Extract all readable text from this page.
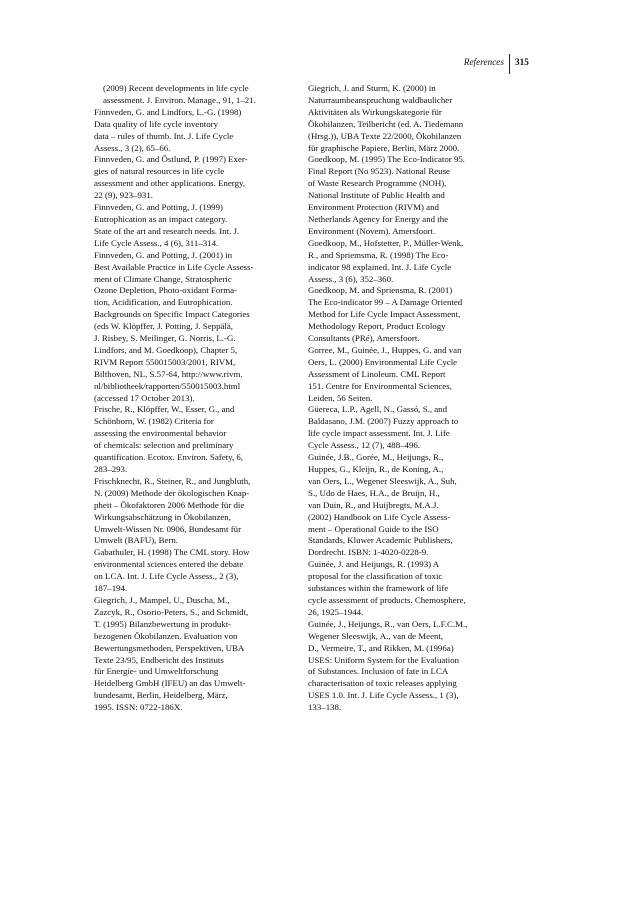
References 315

(2009) Recent developments in life cycle
assessment. J. Environ. Manage., 91, 1–21.

Finnveden, G. and Lindfors, L.-G. (1998)
Data quality of life cycle inventory
data – rules of thumb. Int. J. Life Cycle
Assess., 3 (2), 65–66.

Finnveden, G. and Östlund, P. (1997) Exer-
gies of natural resources in life cycle
assessment and other applications. Energy,
22 (9), 923–931.

Finnveden, G. and Potting, J. (1999)
Eutrophication as an impact category.
State of the art and research needs. Int. J.
Life Cycle Assess., 4 (6), 311–314.

Finnveden, G. and Potting, J. (2001) in
Best Available Practice in Life Cycle Assess-
ment of Climate Change, Stratospheric
Ozone Depletion, Photo-oxidant Forma-
tion, Acidification, and Eutrophication.
Backgrounds on Specific Impact Categories
(eds W. Klöpffer, J. Potting, J. Seppälä,
J. Risbey, S. Meilinger, G. Norris, L.-G.
Lindfors, and M. Goedkoop), Chapter 5,
RIVM Report 550015003/2001, RIVM,
Bilthoven, NL, S.57-64, http://www.rivm.
nl/bibliotheek/rapporten/550015003.html
(accessed 17 October 2013).

Frische, R., Klöpffer, W., Esser, G., and
Schönborn, W. (1982) Criteria for
assessing the environmental behavior
of chemicals: selection and preliminary
quantification. Ecotox. Environ. Safety, 6,
283–293.

Frischknecht, R., Steiner, R., and Jungbluth,
N. (2009) Methode der ökologischen Knap-
pheit – Ökofaktoren 2006 Methode für die
Wirkungsabschätzung in Ökobilanzen,
Umwelt-Wissen Nr. 0906, Bundesamt für
Umwelt (BAFU), Bern.

Gabathuler, H. (1998) The CML story. How
environmental sciences entered the debate
on LCA. Int. J. Life Cycle Assess., 2 (3),
187–194.

Giegrich, J., Mampel, U., Duscha, M.,
Zazcyk, R., Osorio-Peters, S., and Schmidt,
T. (1995) Bilanzbewertung in produkt-
bezogenen Ökobilanzen. Evaluation von
Bewertungsmethoden, Perspektiven, UBA
Texte 23/95, Endbericht des Instituts
für Energie- und Umweltforschung
Heidelberg GmbH (IFEU) an das Umwelt-
bundesamt, Berlin, Heidelberg, März,
1995. ISSN: 0722-186X.

Giegrich, J. and Sturm, K. (2000) in
Naturraumbeanspruchung waldbaulicher
Aktivitäten als Wirkungskategorie für
Ökobilanzen, Teilbericht (ed. A. Tiedemann
(Hrsg.)), UBA Texte 22/2000, Ökobilanzen
für graphische Papiere, Berlin, März 2000.

Goedkoop, M. (1995) The Eco-Indicator 95.
Final Report (No 9523). National Reuse
of Waste Research Programme (NOH),
National Institute of Public Health and
Environment Protection (RIVM) and
Netherlands Agency for Energy and the
Environment (Novem). Amersfoort.

Goedkoop, M., Hofstetter, P., Müller-Wenk,
R., and Spriemsma, R. (1998) The Eco-
indicator 98 explained. Int. J. Life Cycle
Assess., 3 (6), 352–360.

Goedkoop, M. and Spriensma, R. (2001)
The Eco-indicator 99 – A Damage Oriented
Method for Life Cycle Impact Assessment,
Methodology Report, Product Ecology
Consultants (PRé), Amersfoort.

Gorree, M., Guinée, J., Huppes, G. and van
Oers, L. (2000) Environmental Life Cycle
Assessment of Linoleum. CML Report
151. Centre for Environmental Sciences,
Leiden, 56 Seiten.

Güereca, L.P., Agell, N., Gassó, S., and
Baldasano, J.M. (2007) Fuzzy approach to
life cycle impact assessment. Int. J. Life
Cycle Assess., 12 (7), 488–496.

Guinée, J.B., Gorée, M., Heijungs, R.,
Huppes, G., Kleijn, R., de Koning, A.,
van Oers, L., Wegener Sleeswijk, A., Suh,
S., Udo de Haes, H.A., de Bruijn, H.,
van Duin, R., and Huijbregts, M.A.J.
(2002) Handbook on Life Cycle Assess-
ment – Operational Guide to the ISO
Standards, Kluwer Academic Publishers,
Dordrecht. ISBN: 1-4020-0228-9.

Guinée, J. and Heijungs, R. (1993) A
proposal for the classification of toxic
substances within the framework of life
cycle assessment of products. Chemosphere,
26, 1925–1944.

Guinée, J., Heijungs, R., van Oers, L.F.C.M.,
Wegener Sleeswijk, A., van de Meent,
D., Vermeire, T., and Rikken, M. (1996a)
USES: Uniform System for the Evaluation
of Substances. Inclusion of fate in LCA
characterisation of toxic releases applying
USES 1.0. Int. J. Life Cycle Assess., 1 (3),
133–138.
